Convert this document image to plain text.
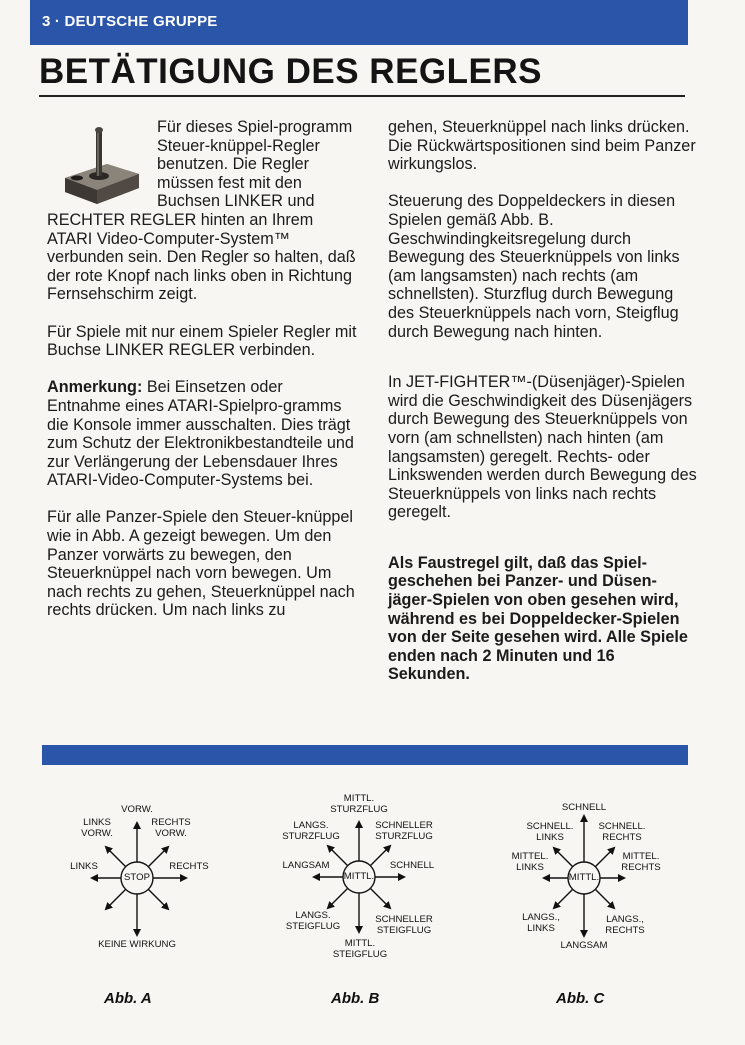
3 · DEUTSCHE GRUPPE
BETÄTIGUNG DES REGLERS

Für dieses Spiel-programm Steuer-knüppel-Regler benutzen. Die Regler müssen fest mit den Buchsen LINKER und RECHTER REGLER hinten an Ihrem ATARI Video-Computer-System™ verbunden sein. Den Regler so halten, daß der rote Knopf nach links oben in Richtung Fernsehschirm zeigt.

Für Spiele mit nur einem Spieler Regler mit Buchse LINKER REGLER verbinden.

Anmerkung: Bei Einsetzen oder Entnahme eines ATARI-Spielpro-gramms die Konsole immer ausschalten. Dies trägt zum Schutz der Elektronikbestandteile und zur Verlängerung der Lebensdauer Ihres ATARI-Video-Computer-Systems bei.

Für alle Panzer-Spiele den Steuer-knüppel wie in Abb. A gezeigt bewegen. Um den Panzer vorwärts zu bewegen, den Steuerknüppel nach vorn bewegen. Um nach rechts zu gehen, Steuerknüppel nach rechts drücken. Um nach links zu

gehen, Steuerknüppel nach links drücken. Die Rückwärtspositionen sind beim Panzer wirkungslos.

Steuerung des Doppeldeckers in diesen Spielen gemäß Abb. B. Geschwindingkeitsregelung durch Bewegung des Steuerknüppels von links (am langsamsten) nach rechts (am schnellsten). Sturzflug durch Bewegung des Steuerknüppels nach vorn, Steigflug durch Bewegung nach hinten.

In JET-FIGHTER™-(Düsenjäger)-Spielen wird die Geschwindigkeit des Düsenjägers durch Bewegung des Steuerknüppels von vorn (am schnellsten) nach hinten (am langsamsten) geregelt. Rechts- oder Linkswenden werden durch Bewegung des Steuerknüppels von links nach rechts geregelt.

Als Faustregel gilt, daß das Spiel-geschehen bei Panzer- und Düsen-jäger-Spielen von oben gesehen wird, während es bei Doppeldecker-Spielen von der Seite gesehen wird. Alle Spiele enden nach 2 Minuten und 16 Sekunden.

STOP
VORW.
LINKS
VORW.
RECHTS
VORW.
LINKS	RECHTS
KEINE WIRKUNG
MITTL.
MITTL.
STURZFLUG
LANGS.
STURZFLUG
SCHNELLER
STURZFLUG
LANGSAM	SCHNELL
LANGS.
STEIGFLUG
SCHNELLER
STEIGFLUG
MITTL.
STEIGFLUG
MITTL.
SCHNELL
SCHNELL.
LINKS
SCHNELL.
RECHTS
MITTEL.
LINKS
MITTEL.
RECHTS
LANGS.,
LINKS
LANGS.,
RECHTS
LANGSAM
Abb. A	Abb. B	Abb. C
